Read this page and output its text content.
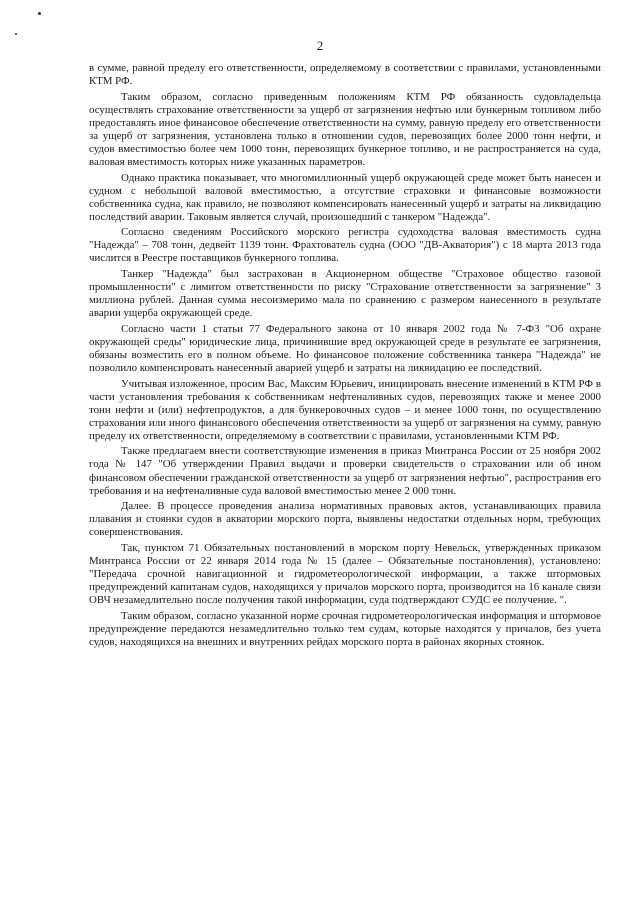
2

в сумме, равной пределу его ответственности, определяемому в соответствии с правилами, установленными КТМ РФ.

Таким образом, согласно приведенным положениям КТМ РФ обязанность судовладельца осуществлять страхование ответственности за ущерб от загрязнения нефтью или бункерным топливом либо предоставлять иное финансовое обеспечение ответственности на сумму, равную пределу его ответственности за ущерб от загрязнения, установлена только в отношении судов, перевозящих более 2000 тонн нефти, и судов вместимостью более чем 1000 тонн, перевозящих бункерное топливо, и не распространяется на суда, валовая вместимость которых ниже указанных параметров.

Однако практика показывает, что многомиллионный ущерб окружающей среде может быть нанесен и судном с небольшой валовой вместимостью, а отсутствие страховки и финансовые возможности собственника судна, как правило, не позволяют компенсировать нанесенный ущерб и затраты на ликвидацию последствий аварии. Таковым является случай, произошедший с танкером "Надежда".

Согласно сведениям Российского морского регистра судоходства валовая вместимость судна "Надежда" – 708 тонн, дедвейт 1139 тонн. Фрахтователь судна (ООО "ДВ-Акватория") с 18 марта 2013 года числится в Реестре поставщиков бункерного топлива.

Танкер "Надежда" был застрахован в Акционерном обществе "Страховое общество газовой промышленности" с лимитом ответственности по риску "Страхование ответственности за загрязнение" 3 миллиона рублей. Данная сумма несоизмеримо мала по сравнению с размером нанесенного в результате аварии ущерба окружающей среде.

Согласно части 1 статьи 77 Федерального закона от 10 января 2002 года № 7-ФЗ "Об охране окружающей среды" юридические лица, причинившие вред окружающей среде в результате ее загрязнения, обязаны возместить его в полном объеме. Но финансовое положение собственника танкера "Надежда" не позволило компенсировать нанесенный аварией ущерб и затраты на ликвидацию ее последствий.

Учитывая изложенное, просим Вас, Максим Юрьевич, инициировать внесение изменений в КТМ РФ в части установления требования к собственникам нефтеналивных судов, перевозящих также и менее 2000 тонн нефти и (или) нефтепродуктов, а для бункеровочных судов – и менее 1000 тонн, по осуществлению страхования или иного финансового обеспечения ответственности за ущерб от загрязнения на сумму, равную пределу их ответственности, определяемому в соответствии с правилами, установленными КТМ РФ.

Также предлагаем внести соответствующие изменения в приказ Минтранса России от 25 ноября 2002 года № 147 "Об утверждении Правил выдачи и проверки свидетельств о страховании или об ином финансовом обеспечении гражданской ответственности за ущерб от загрязнения нефтью", распространив его требования и на нефтеналивные суда валовой вместимостью менее 2 000 тонн.

Далее. В процессе проведения анализа нормативных правовых актов, устанавливающих правила плавания и стоянки судов в акватории морского порта, выявлены недостатки отдельных норм, требующих совершенствования.

Так, пунктом 71 Обязательных постановлений в морском порту Невельск, утвержденных приказом Минтранса России от 22 января 2014 года № 15 (далее – Обязательные постановления), установлено: "Передача срочной навигационной и гидрометеорологической информации, а также штормовых предупреждений капитанам судов, находящихся у причалов морского порта, производится на 16 канале связи ОВЧ незамедлительно после получения такой информации, суда подтверждают СУДС ее получение. ".

Таким образом, согласно указанной норме срочная гидрометеорологическая информация и штормовое предупреждение передаются незамедлительно только тем судам, которые находятся у причалов, без учета судов, находящихся на внешних и внутренних рейдах морского порта в районах якорных стоянок.
